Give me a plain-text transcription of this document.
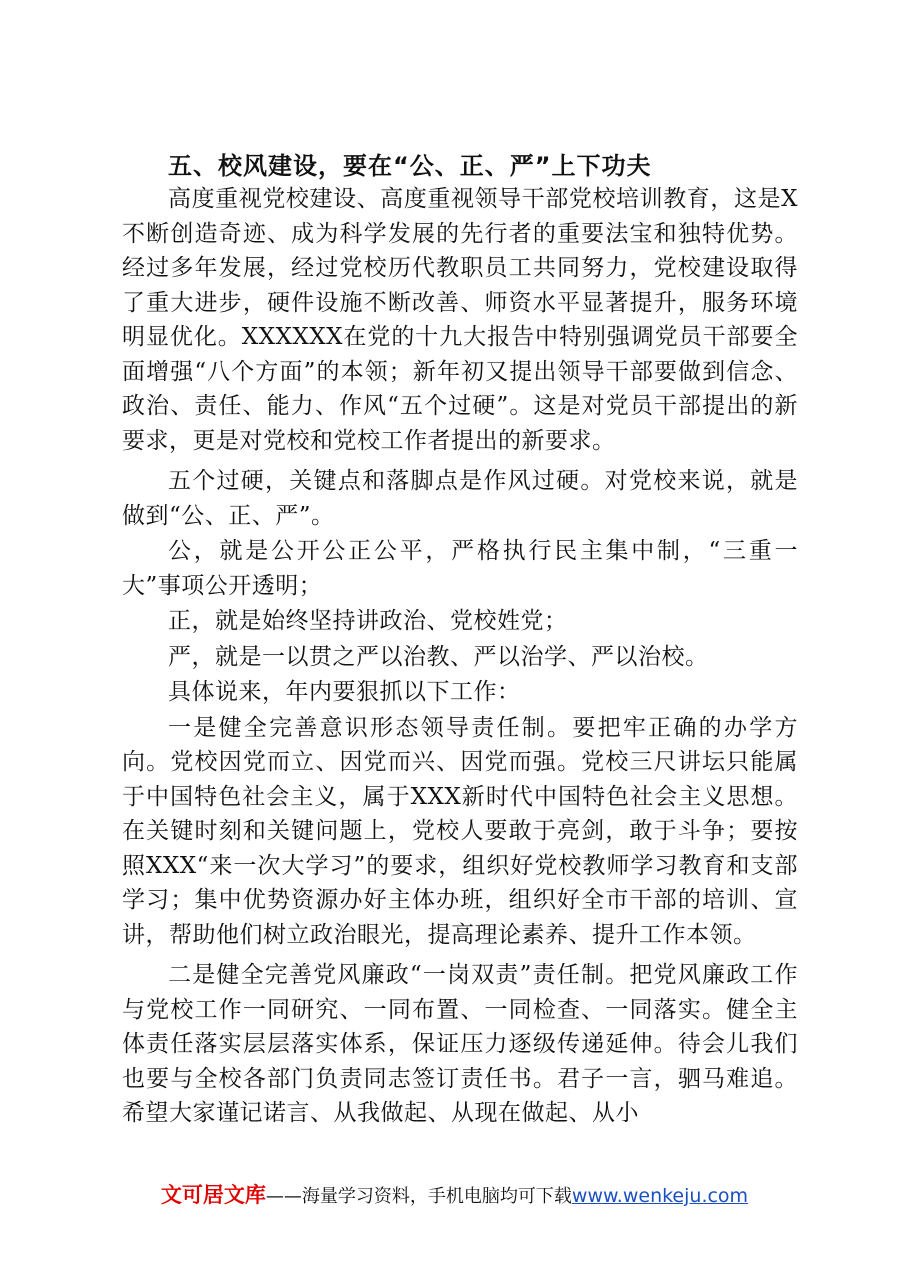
五、校风建设，要在“公、正、严”上下功夫

高度重视党校建设、高度重视领导干部党校培训教育，这是X不断创造奇迹、成为科学发展的先行者的重要法宝和独特优势。经过多年发展，经过党校历代教职员工共同努力，党校建设取得了重大进步，硬件设施不断改善、师资水平显著提升，服务环境明显优化。XXXXXX在党的十九大报告中特别强调党员干部要全面增强“八个方面”的本领；新年初又提出领导干部要做到信念、政治、责任、能力、作风“五个过硬”。这是对党员干部提出的新要求，更是对党校和党校工作者提出的新要求。

五个过硬，关键点和落脚点是作风过硬。对党校来说，就是做到“公、正、严”。

公，就是公开公正公平，严格执行民主集中制，“三重一大”事项公开透明；

正，就是始终坚持讲政治、党校姓党；

严，就是一以贯之严以治教、严以治学、严以治校。

具体说来，年内要狠抓以下工作：

一是健全完善意识形态领导责任制。要把牢正确的办学方向。党校因党而立、因党而兴、因党而强。党校三尺讲坛只能属于中国特色社会主义，属于XXX新时代中国特色社会主义思想。在关键时刻和关键问题上，党校人要敢于亮剑，敢于斗争；要按照XXX“来一次大学习”的要求，组织好党校教师学习教育和支部学习；集中优势资源办好主体办班，组织好全市干部的培训、宣讲，帮助他们树立政治眼光，提高理论素养、提升工作本领。

二是健全完善党风廉政“一岗双责”责任制。把党风廉政工作与党校工作一同研究、一同布置、一同检查、一同落实。健全主体责任落实层层落实体系，保证压力逐级传递延伸。待会儿我们也要与全校各部门负责同志签订责任书。君子一言，驷马难追。希望大家谨记诺言、从我做起、从现在做起、从小

文可居文库——海量学习资料，手机电脑均可下载www.wenkeju.com
